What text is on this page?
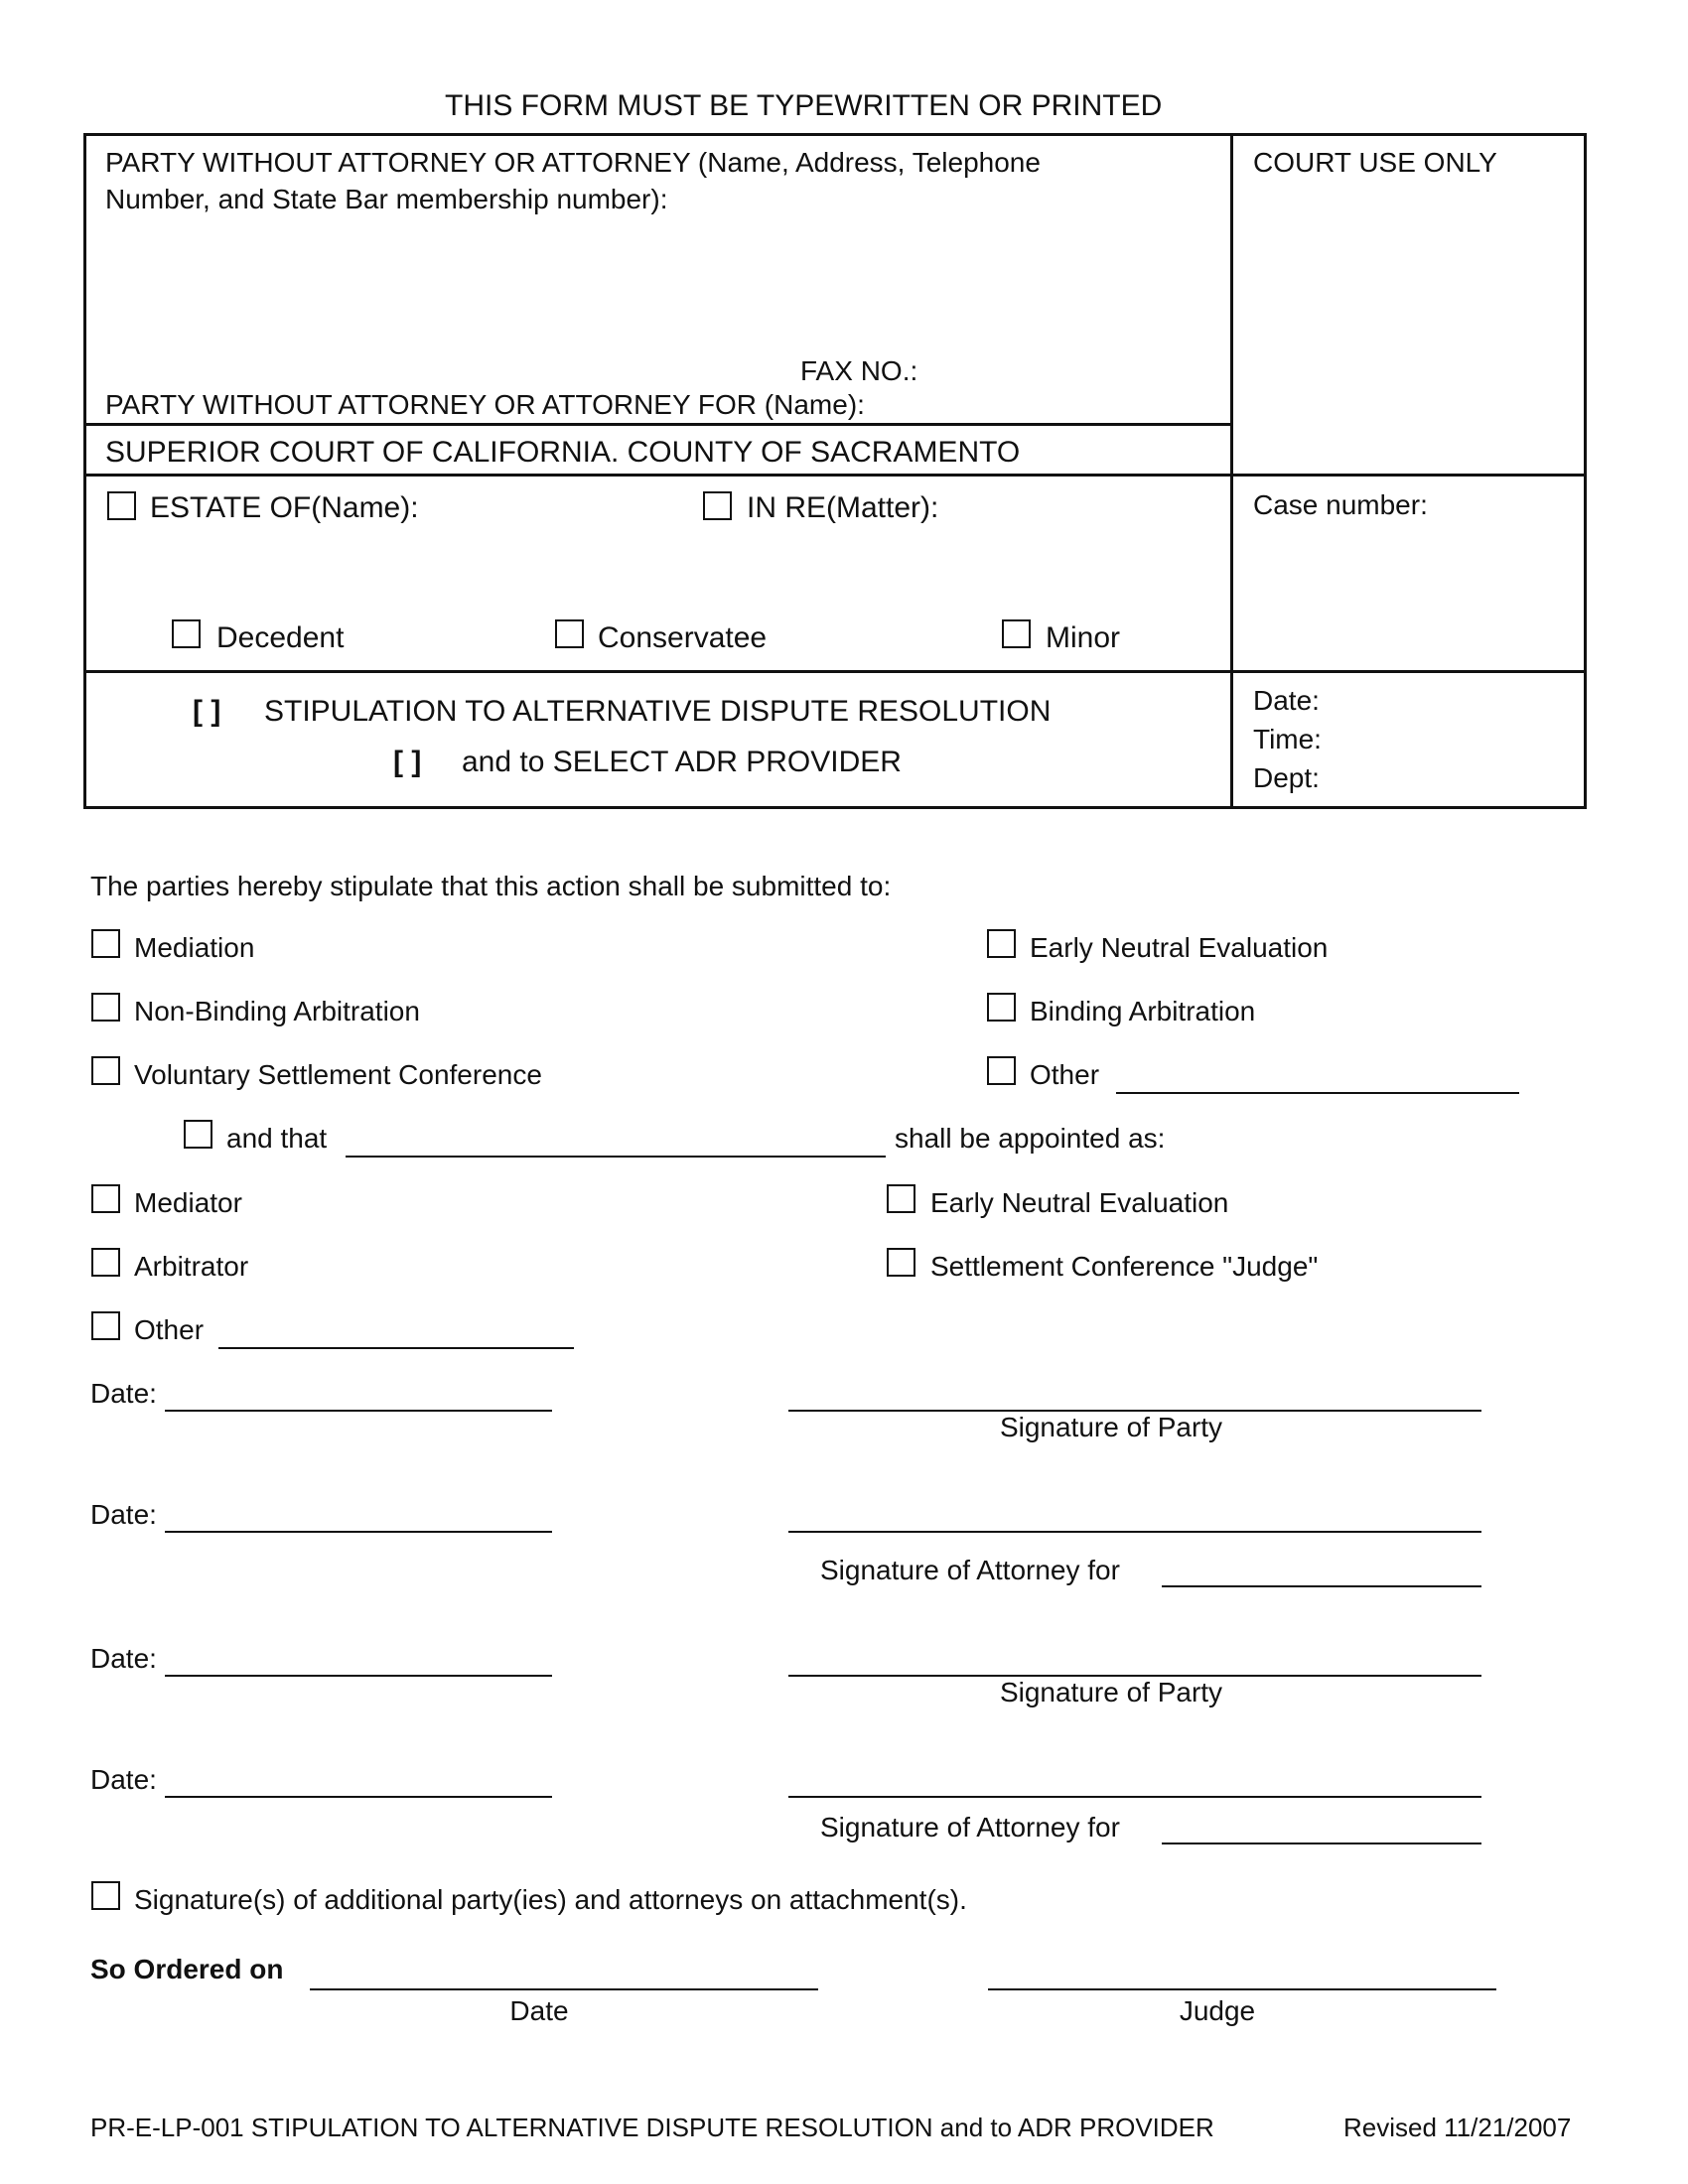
THIS FORM MUST BE TYPEWRITTEN OR PRINTED
PARTY WITHOUT ATTORNEY OR ATTORNEY (Name, Address, Telephone
Number, and State Bar membership number):
FAX NO.:
PARTY WITHOUT ATTORNEY OR ATTORNEY FOR (Name):
COURT USE ONLY
SUPERIOR COURT OF CALIFORNIA. COUNTY OF SACRAMENTO
ESTATE OF(Name):	IN RE(Matter):	Case number:
Decedent	Conservatee	Minor
[ ] STIPULATION TO ALTERNATIVE DISPUTE RESOLUTION
[ ] and to SELECT ADR PROVIDER
Date:
Time:
Dept:
The parties hereby stipulate that this action shall be submitted to:
Mediation
Non-Binding Arbitration
Voluntary Settlement Conference
Early Neutral Evaluation
Binding Arbitration
Other
and that	shall be appointed as:
Mediator
Arbitrator
Other
Early Neutral Evaluation
Settlement Conference "Judge"
Date:
Signature of Party
Date:
Signature of Attorney for
Date:
Signature of Party
Date:
Signature of Attorney for
Signature(s) of additional party(ies) and attorneys on attachment(s).
So Ordered on
Date	Judge
PR-E-LP-001 STIPULATION TO ALTERNATIVE DISPUTE RESOLUTION and to ADR PROVIDER	Revised 11/21/2007
